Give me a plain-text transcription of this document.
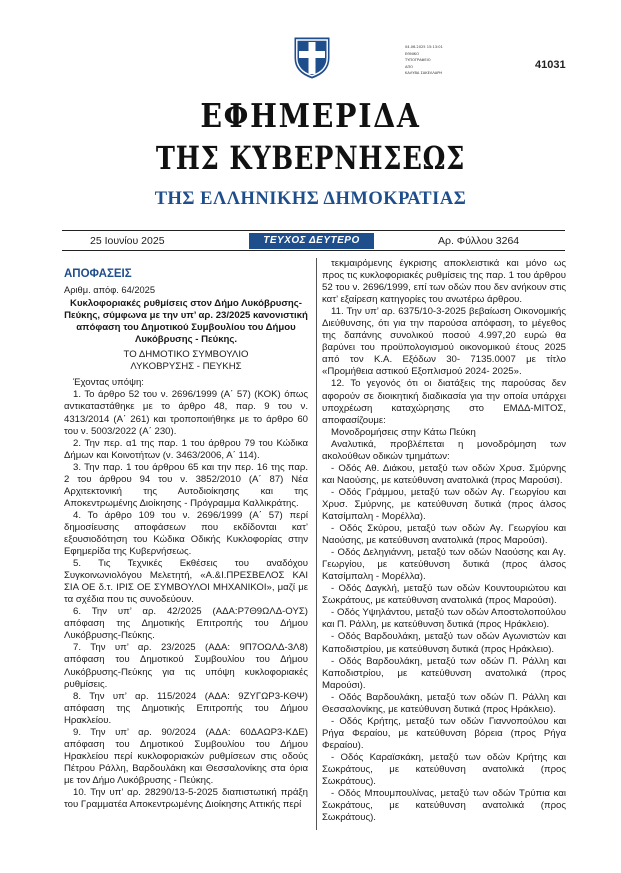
04.06.2025 15:13:01
ΕΘΝΙΚΟ
ΤΥΠΟΓΡΑΦΕΙΟ
ΑΠΟ
ΚΑΛΥΒΑ ΣΑΚΕΛΛΑΡΗ
41031
ΕΦΗΜΕΡΙΔΑ
ΤΗΣ ΚΥΒΕΡΝΗΣΕΩΣ
ΤΗΣ ΕΛΛΗΝΙΚΗΣ ΔΗΜΟΚΡΑΤΙΑΣ
25 Ιουνίου 2025	ΤΕΥΧΟΣ ΔΕΥΤΕΡΟ	Αρ. Φύλλου 3264

ΑΠΟΦΑΣΕΙΣ

Αριθμ. απόφ. 64/2025

Κυκλοφοριακές ρυθμίσεις στον Δήμο Λυκόβρυσης-Πεύκης, σύμφωνα με την υπ’ αρ. 23/2025 κανονιστική απόφαση του Δημοτικού Συμβουλίου του Δήμου Λυκόβρυσης - Πεύκης.

ΤΟ ΔΗΜΟΤΙΚΟ ΣΥΜΒΟΥΛΙΟ
ΛΥΚΟΒΡΥΣΗΣ - ΠΕΥΚΗΣ

Έχοντας υπόψη:

1. Το άρθρο 52 του ν. 2696/1999 (Α΄ 57) (ΚΟΚ) όπως αντικαταστάθηκε με το άρθρο 48, παρ. 9 του ν. 4313/2014 (Α΄ 261) και τροποποιήθηκε με το άρθρο 60 του ν. 5003/2022 (Α΄ 230).

2. Την περ. α1 της παρ. 1 του άρθρου 79 του Κώδικα Δήμων και Κοινοτήτων (ν. 3463/2006, Α΄ 114).

3. Την παρ. 1 του άρθρου 65 και την περ. 16 της παρ. 2 του άρθρου 94 του ν. 3852/2010 (Α΄ 87) Νέα Αρχιτεκτονική της Αυτοδιοίκησης και της Αποκεντρωμένης Διοίκησης - Πρόγραμμα Καλλικράτης.

4. Το άρθρο 109 του ν. 2696/1999 (Α΄ 57) περί δημοσίευσης αποφάσεων που εκδίδονται κατ’ εξουσιοδότηση του Κώδικα Οδικής Κυκλοφορίας στην Εφημερίδα της Κυβερνήσεως.

5. Τις Τεχνικές Εκθέσεις του αναδόχου Συγκοινωνιολόγου Μελετητή, «Α.&Ι.ΠΡΕΣΒΕΛΟΣ ΚΑΙ ΣΙΑ ΟΕ δ.τ. ΙΡΙΣ ΟΕ ΣΥΜΒΟΥΛΟΙ ΜΗΧΑΝΙΚΟΙ», μαζί με τα σχέδια που τις συνοδεύουν.

6. Την υπ’ αρ. 42/2025 (ΑΔΑ:Ρ7Θ9ΩΛΔ-ΟΥΣ) απόφαση της Δημοτικής Επιτροπής του Δήμου Λυκόβρυσης-Πεύκης.

7. Την υπ’ αρ. 23/2025 (ΑΔΑ: 9Π7ΟΩΛΔ-3Λ8) απόφαση του Δημοτικού Συμβουλίου του Δήμου Λυκόβρυσης-Πεύκης για τις υπόψη κυκλοφοριακές ρυθμίσεις.

8. Την υπ’ αρ. 115/2024 (ΑΔΑ: 9ΖΥΓΩΡ3-ΚΘΨ) απόφαση της Δημοτικής Επιτροπής του Δήμου Ηρακλείου.

9. Την υπ’ αρ. 90/2024 (ΑΔΑ: 60ΔΑΩΡ3-ΚΔΕ) απόφαση του Δημοτικού Συμβουλίου του Δήμου Ηρακλείου περί κυκλοφοριακών ρυθμίσεων στις οδούς Πέτρου Ράλλη, Βαρδουλάκη και Θεσσαλονίκης στα όρια με τον Δήμο Λυκόβρυσης - Πεύκης.

10. Την υπ’ αρ. 28290/13-5-2025 διαπιστωτική πράξη του Γραμματέα Αποκεντρωμένης Διοίκησης Αττικής περί

τεκμαιρόμενης έγκρισης αποκλειστικά και μόνο ως προς τις κυκλοφοριακές ρυθμίσεις της παρ. 1 του άρθρου 52 του ν. 2696/1999, επί των οδών που δεν ανήκουν στις κατ’ εξαίρεση κατηγορίες του ανωτέρω άρθρου.

11. Την υπ’ αρ. 6375/10-3-2025 βεβαίωση Οικονομικής Διεύθυνσης, ότι για την παρούσα απόφαση, το μέγεθος της δαπάνης συνολικού ποσού 4.997,20 ευρώ θα βαρύνει του προϋπολογισμού οικονομικού έτους 2025 από τον Κ.Α. Εξόδων 30- 7135.0007 με τίτλο «Προμήθεια αστικού Εξοπλισμού 2024- 2025».

12. Το γεγονός ότι οι διατάξεις της παρούσας δεν αφορούν σε διοικητική διαδικασία για την οποία υπάρχει υποχρέωση καταχώρησης στο ΕΜΔΔ-ΜΙΤΟΣ, αποφασίζουμε:

Μονοδρομήσεις στην Κάτω Πεύκη

Αναλυτικά, προβλέπεται η μονοδρόμηση των ακολούθων οδικών τμημάτων:

- Οδός Αθ. Διάκου, μεταξύ των οδών Χρυσ. Σμύρνης και Ναούσης, με κατεύθυνση ανατολικά (προς Μαρούσι).

- Οδός Γράμμου, μεταξύ των οδών Αγ. Γεωργίου και Χρυσ. Σμύρνης, με κατεύθυνση δυτικά (προς άλσος Κατσίμπαλη - Μορέλλα).

- Οδός Σκύρου, μεταξύ των οδών Αγ. Γεωργίου και Ναούσης, με κατεύθυνση ανατολικά (προς Μαρούσι).

- Οδός Δεληγιάννη, μεταξύ των οδών Ναούσης και Αγ. Γεωργίου, με κατεύθυνση δυτικά (προς άλσος Κατσίμπαλη - Μορέλλα).

- Οδός Δαγκλή, μεταξύ των οδών Κουντουριώτου και Σωκράτους, με κατεύθυνση ανατολικά (προς Μαρούσι).

- Οδός Υψηλάντου, μεταξύ των οδών Αποστολοπούλου και Π. Ράλλη, με κατεύθυνση δυτικά (προς Ηράκλειο).

- Οδός Βαρδουλάκη, μεταξύ των οδών Αγωνιστών και Καποδιστρίου, με κατεύθυνση δυτικά (προς Ηράκλειο).

- Οδός Βαρδουλάκη, μεταξύ των οδών Π. Ράλλη και Καποδιστρίου, με κατεύθυνση ανατολικά (προς Μαρούσι).

- Οδός Βαρδουλάκη, μεταξύ των οδών Π. Ράλλη και Θεσσαλονίκης, με κατεύθυνση δυτικά (προς Ηράκλειο).

- Οδός Κρήτης, μεταξύ των οδών Γιαννοπούλου και Ρήγα Φεραίου, με κατεύθυνση βόρεια (προς Ρήγα Φεραίου).

- Οδός Καραϊσκάκη, μεταξύ των οδών Κρήτης και Σωκράτους, με κατεύθυνση ανατολικά (προς Σωκράτους).

- Οδός Μπουμπουλίνας, μεταξύ των οδών Τρύπια και Σωκράτους, με κατεύθυνση ανατολικά (προς Σωκράτους).
